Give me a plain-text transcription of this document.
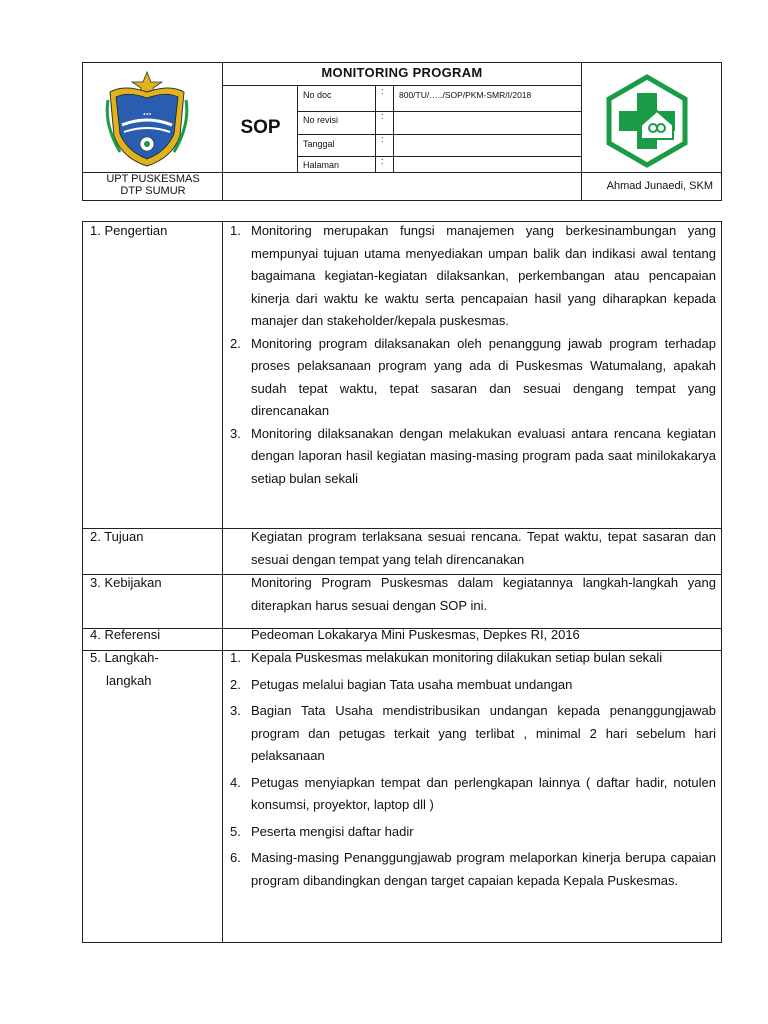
ᐧᐧᐧ
UPT PUSKESMAS
DTP SUMUR
MONITORING PROGRAM
SOP
No doc	: 800/TU/…../SOP/PKM-SMR/I/2018
No revisi	:
Tanggal	:
Halaman	:
Ahmad Junaedi, SKM
1. Pengertian	1. Monitoring merupakan fungsi manajemen yang berkesinambungan yang mempunyai tujuan utama menyediakan umpan balik dan indikasi awal tentang bagaimana kegiatan-kegiatan dilaksankan, perkembangan atau pencapaian kinerja dari waktu ke waktu serta pencapaian hasil yang diharapkan kepada manajer dan stakeholder/kepala puskesmas.
2. Monitoring program dilaksanakan oleh penanggung jawab program terhadap proses pelaksanaan program yang ada di Puskesmas Watumalang, apakah sudah tepat waktu, tepat sasaran dan sesuai dengang tempat yang direncanakan
3. Monitoring dilaksanakan dengan melakukan evaluasi antara rencana kegiatan dengan laporan hasil kegiatan masing-masing program pada saat minilokakarya setiap bulan sekali
2. Tujuan	Kegiatan program terlaksana sesuai rencana. Tepat waktu, tepat sasaran dan sesuai dengan tempat yang telah direncanakan
3. Kebijakan	Monitoring Program Puskesmas dalam kegiatannya langkah-langkah yang diterapkan harus sesuai dengan SOP ini.
4. Referensi	Pedeoman Lokakarya Mini Puskesmas, Depkes RI, 2016
5. Langkah-
langkah
1. Kepala Puskesmas melakukan monitoring dilakukan setiap bulan sekali
2. Petugas melalui bagian Tata usaha membuat undangan
3. Bagian Tata Usaha mendistribusikan undangan kepada penanggungjawab program dan petugas terkait yang terlibat , minimal 2 hari sebelum hari pelaksanaan
4. Petugas menyiapkan tempat dan perlengkapan lainnya ( daftar hadir, notulen konsumsi, proyektor, laptop dll )
5. Peserta mengisi daftar hadir
6. Masing-masing Penanggungjawab program melaporkan kinerja berupa capaian program dibandingkan dengan target capaian kepada Kepala Puskesmas.
